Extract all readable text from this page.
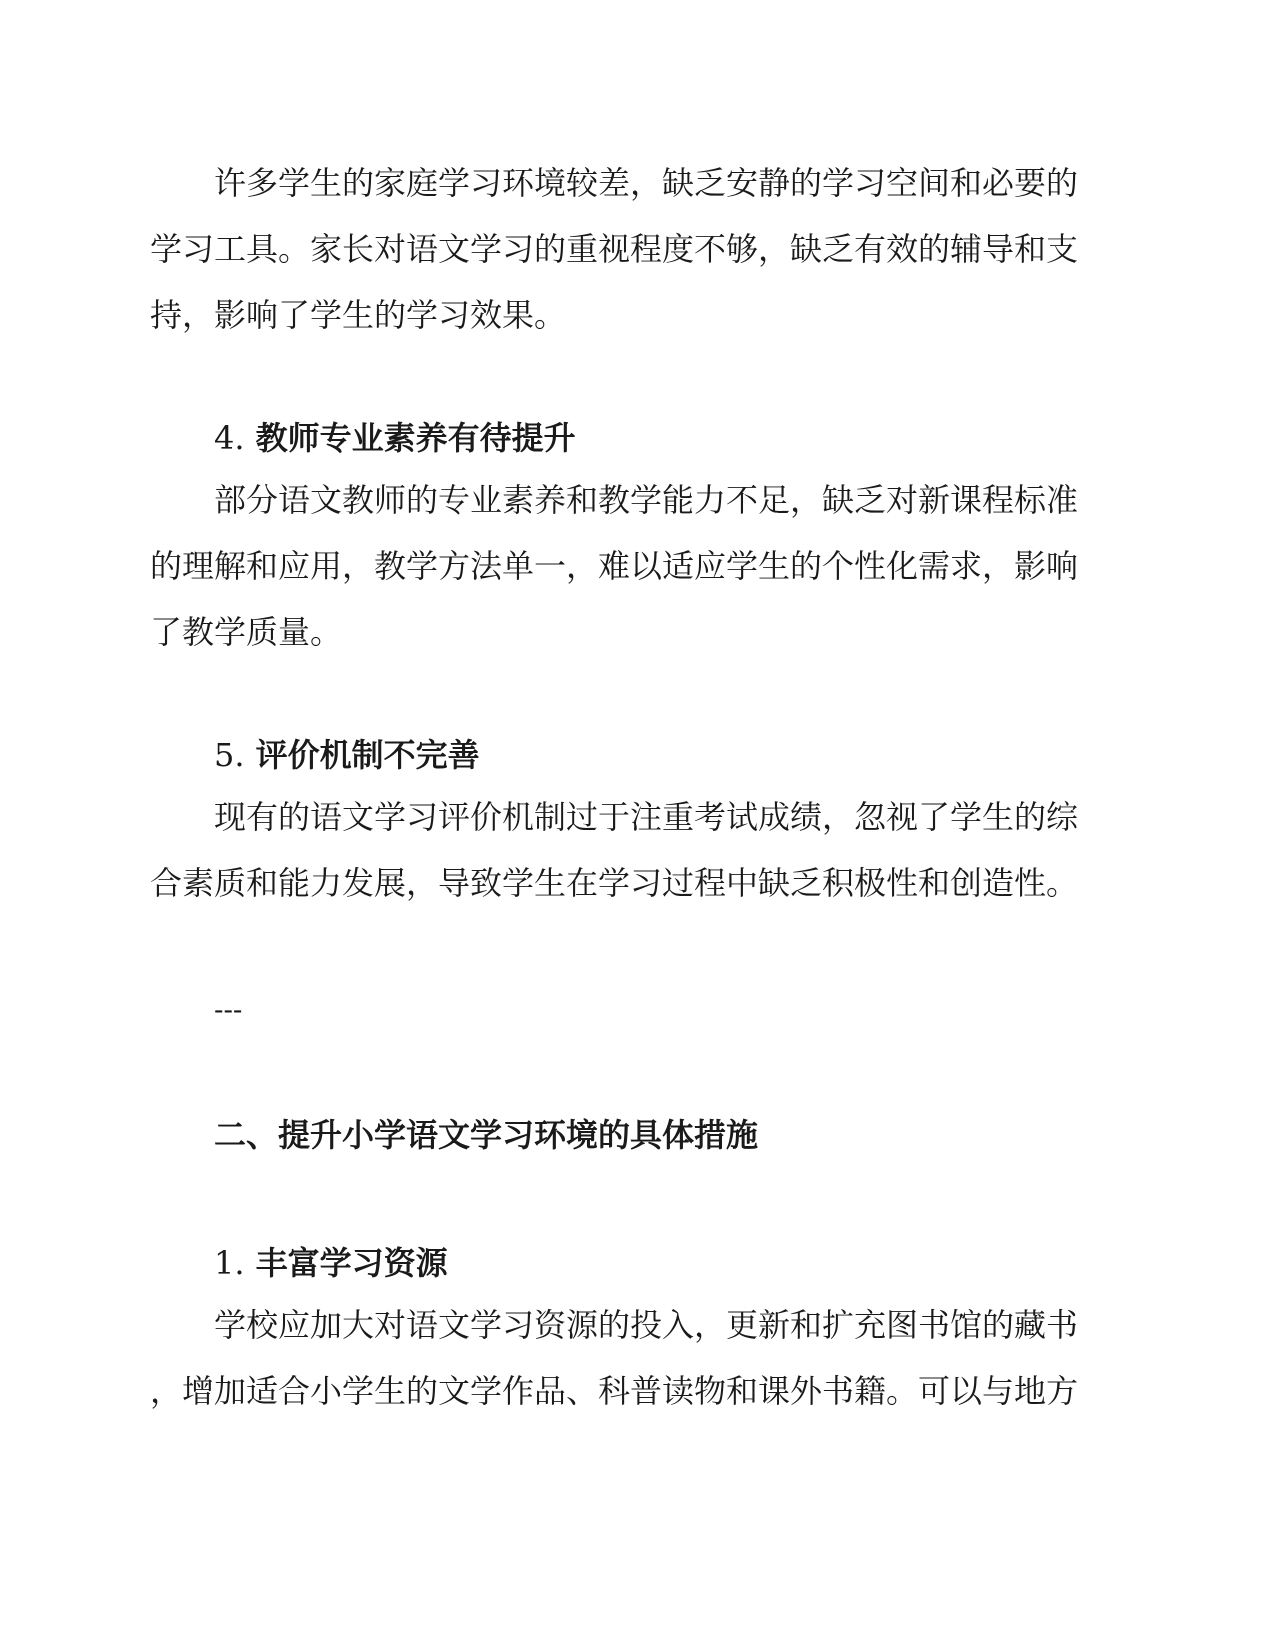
许多学生的家庭学习环境较差，缺乏安静的学习空间和必要的
学习工具。家长对语文学习的重视程度不够，缺乏有效的辅导和支
持，影响了学生的学习效果。

4. 教师专业素养有待提升

部分语文教师的专业素养和教学能力不足，缺乏对新课程标准
的理解和应用，教学方法单一，难以适应学生的个性化需求，影响
了教学质量。

5. 评价机制不完善

现有的语文学习评价机制过于注重考试成绩，忽视了学生的综
合素质和能力发展，导致学生在学习过程中缺乏积极性和创造性。

---
二、提升小学语文学习环境的具体措施
1. 丰富学习资源

学校应加大对语文学习资源的投入，更新和扩充图书馆的藏书
，增加适合小学生的文学作品、科普读物和课外书籍。可以与地方
